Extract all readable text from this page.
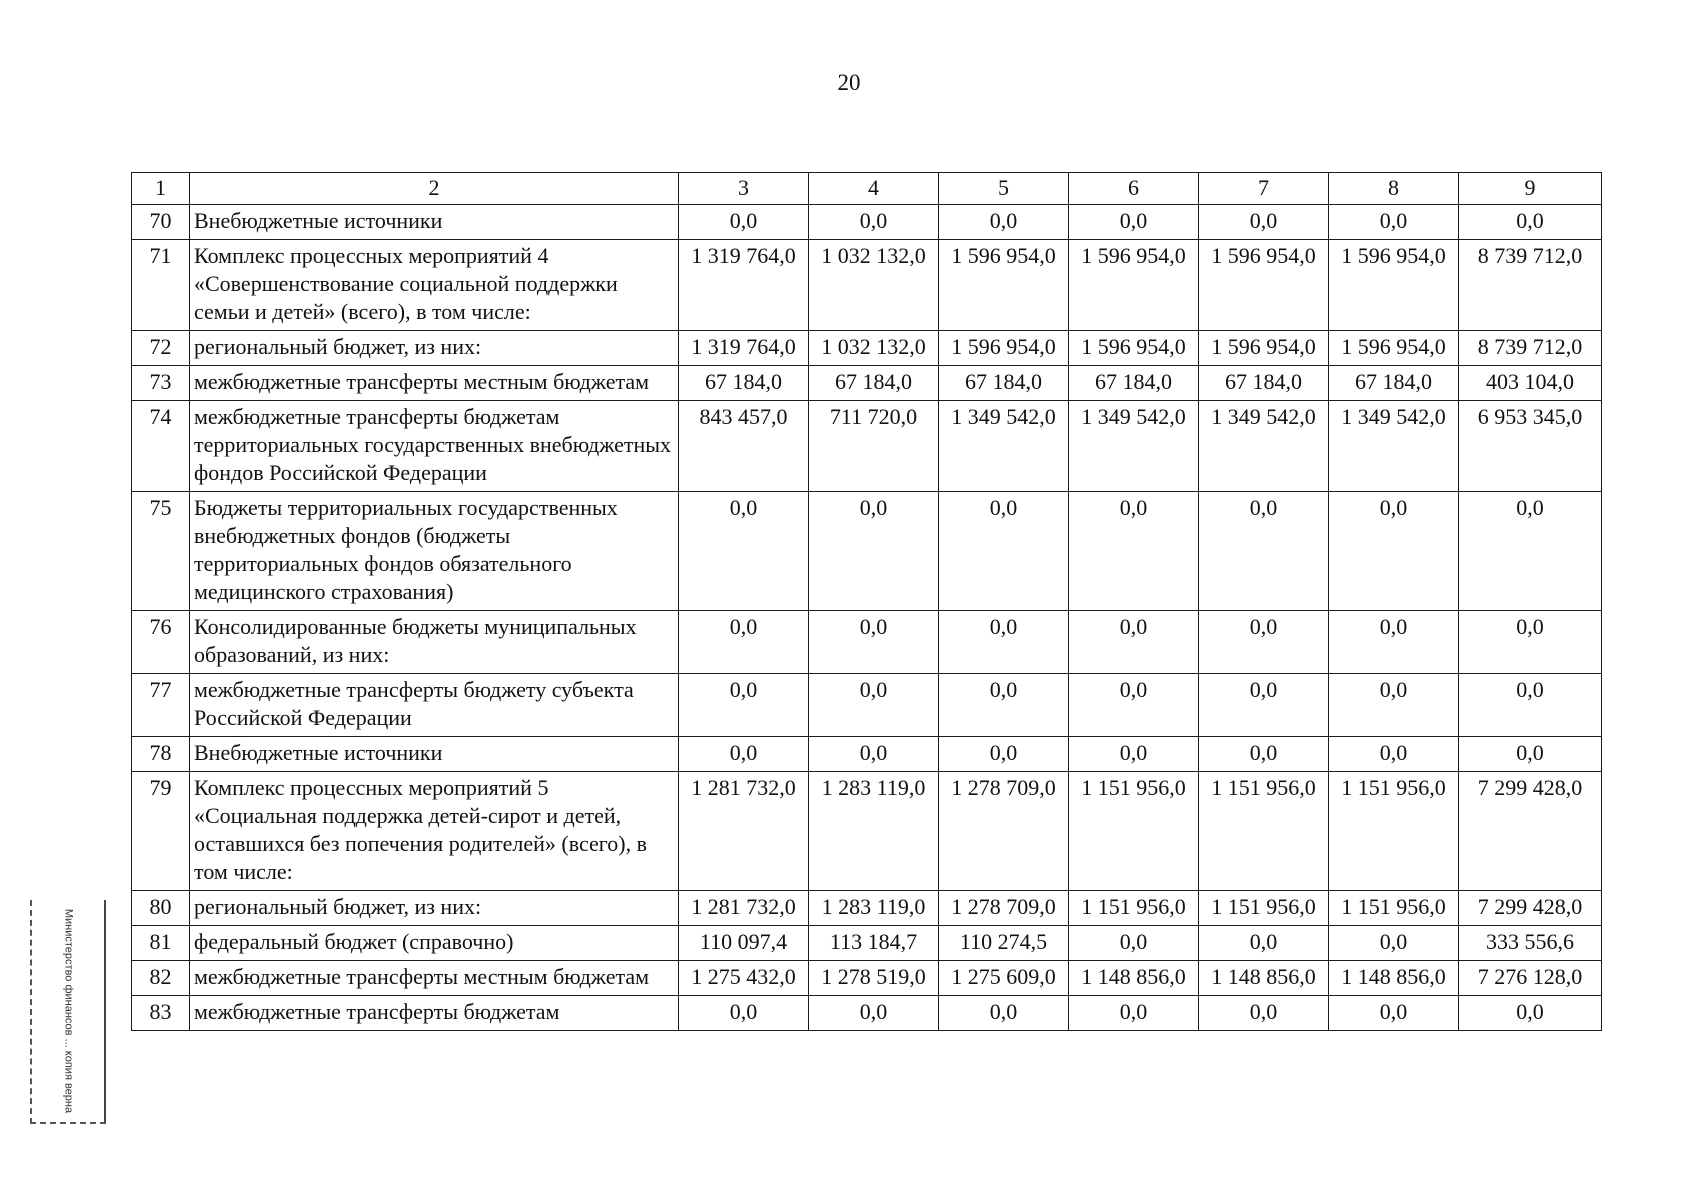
20
1	2	3	4	5	6	7	8	9
70	Внебюджетные источники	0,0	0,0	0,0	0,0	0,0	0,0	0,0
71	Комплекс процессных мероприятий 4 «Совершенствование социальной поддержки семьи и детей» (всего), в том числе:	1 319 764,0	1 032 132,0	1 596 954,0	1 596 954,0	1 596 954,0	1 596 954,0	8 739 712,0
72	региональный бюджет, из них:	1 319 764,0	1 032 132,0	1 596 954,0	1 596 954,0	1 596 954,0	1 596 954,0	8 739 712,0
73	межбюджетные трансферты местным бюджетам	67 184,0	67 184,0	67 184,0	67 184,0	67 184,0	67 184,0	403 104,0
74	межбюджетные трансферты бюджетам территориальных государственных внебюджетных фондов Российской Федерации	843 457,0	711 720,0	1 349 542,0	1 349 542,0	1 349 542,0	1 349 542,0	6 953 345,0
75	Бюджеты территориальных государственных внебюджетных фондов (бюджеты территориальных фондов обязательного медицинского страхования)	0,0	0,0	0,0	0,0	0,0	0,0	0,0
76	Консолидированные бюджеты муниципальных образований, из них:	0,0	0,0	0,0	0,0	0,0	0,0	0,0
77	межбюджетные трансферты бюджету субъекта Российской Федерации	0,0	0,0	0,0	0,0	0,0	0,0	0,0
78	Внебюджетные источники	0,0	0,0	0,0	0,0	0,0	0,0	0,0
79	Комплекс процессных мероприятий 5 «Социальная поддержка детей-сирот и детей, оставшихся без попечения родителей» (всего), в том числе:	1 281 732,0	1 283 119,0	1 278 709,0	1 151 956,0	1 151 956,0	1 151 956,0	7 299 428,0
80	региональный бюджет, из них:	1 281 732,0	1 283 119,0	1 278 709,0	1 151 956,0	1 151 956,0	1 151 956,0	7 299 428,0
81	федеральный бюджет (справочно)	110 097,4	113 184,7	110 274,5	0,0	0,0	0,0	333 556,6
82	межбюджетные трансферты местным бюджетам	1 275 432,0	1 278 519,0	1 275 609,0	1 148 856,0	1 148 856,0	1 148 856,0	7 276 128,0
83	межбюджетные трансферты бюджетам	0,0	0,0	0,0	0,0	0,0	0,0	0,0
Министерство финансов ... копия верна
